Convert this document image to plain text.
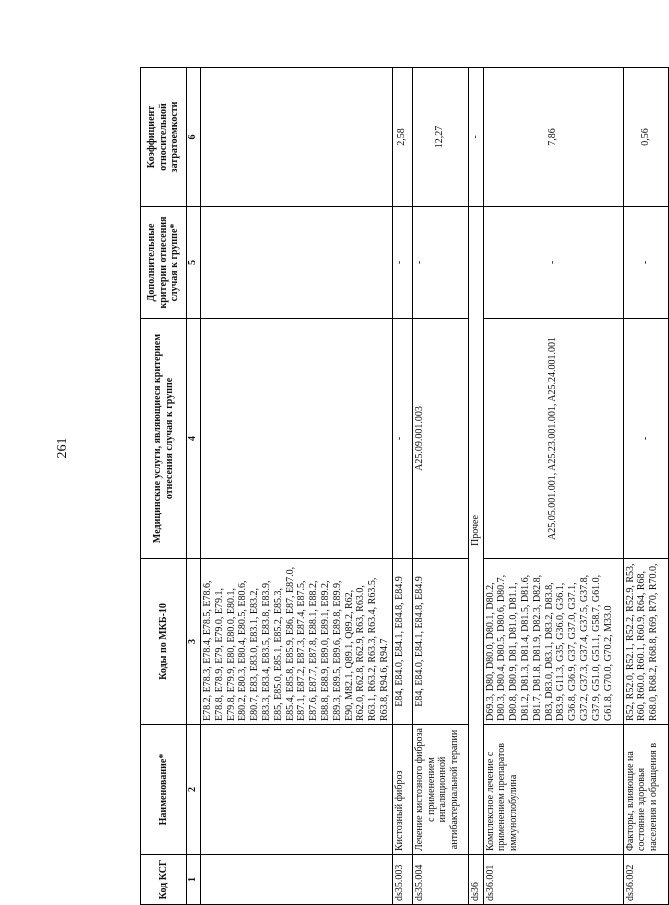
261
Код КСГ	Наименование*	Коды по МКБ-10	Медицинские услуги, являющиеся критерием отнесения случая к группе	Дополнительные критерии отнесения случая к группе*	Коэффициент относительной затратоемкости
1	2	3	4	5	6
		E78.2, E78.3, E78.4, E78.5, E78.6, E78.8, E78.9, E79, E79.0, E79.1, E79.8, E79.9, E80, E80.0, E80.1, E80.2, E80.3, E80.4, E80.5, E80.6, E80.7, E83, E83.0, E83.1, E83.2, E83.3, E83.4, E83.5, E83.8, E83.9, E85, E85.0, E85.1, E85.2, E85.3, E85.4, E85.8, E85.9, E86, E87, E87.0, E87.1, E87.2, E87.3, E87.4, E87.5, E87.6, E87.7, E87.8, E88.1, E88.2, E88.8, E88.9, E89.0, E89.1, E89.2, E89.3, E89.5, E89.6, E89.8, E89.9, E90, M82.1, Q89.1, Q89.2, R62, R62.0, R62.8, R62.9, R63, R63.0, R63.1, R63.2, R63.3, R63.4, R63.5, R63.8, R94.6, R94.7			
ds35.003	Кистозный фиброз	E84, E84.0, E84.1, E84.8, E84.9	-	-	2,58
ds35.004	Лечение кистозного фиброза с применением ингаляционной антибактериальной терапии	E84, E84.0, E84.1, E84.8, E84.9	A25.09.001.003	-	12,27
ds36	Прочее				-
ds36.001	Комплексное лечение с применением препаратов иммуноглобулина	D69.3, D80, D80.0, D80.1, D80.2, D80.3, D80.4, D80.5, D80.6, D80.7, D80.8, D80.9, D81, D81.0, D81.1, D81.2, D81.3, D81.4, D81.5, D81.6, D81.7, D81.8, D81.9, D82.3, D82.8, D83, D83.0, D83.1, D83.2, D83.8, D83.9, G11.3, G35, G36.0, G36.1, G36.8, G36.9, G37, G37.0, G37.1, G37.2, G37.3, G37.4, G37.5, G37.8, G37.9, G51.0, G51.1, G58.7, G61.0, G61.8, G70.0, G70.2, M33.0	A25.05.001.001, A25.23.001.001, A25.24.001.001	-	7,86
ds36.002	Факторы, влияющие на состояние здоровья населения и обращения в	R52, R52.0, R52.1, R52.2, R52.9, R53, R60, R60.0, R60.1, R60.9, R64, R68, R68.0, R68.2, R68.8, R69, R70, R70.0,	-	-	0,56
